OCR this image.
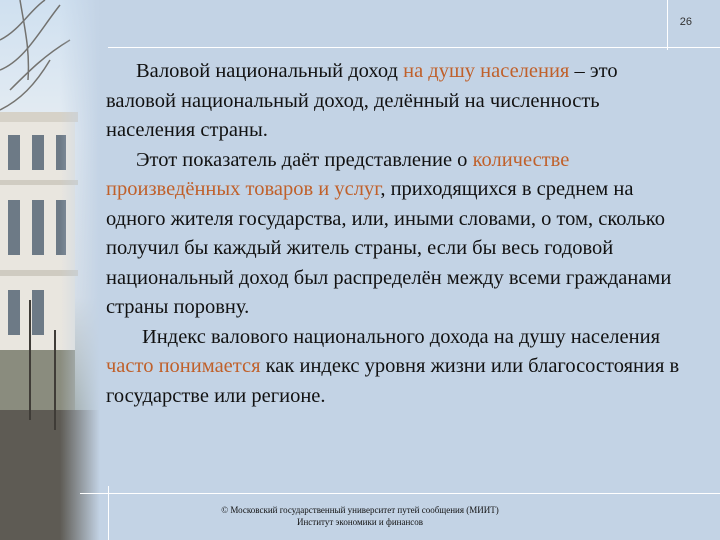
26

Валовой национальный доход на душу населения – это валовой национальный доход, делённый на численность населения страны.

Этот показатель даёт представление о количестве произведённых товаров и услуг, приходящихся в среднем на одного жителя государства, или, иными словами, о том, сколько получил бы каждый житель страны, если бы весь годовой национальный доход был распределён между всеми гражданами страны поровну.

Индекс валового национального дохода на душу населения часто понимается как индекс уровня жизни или благосостояния в государстве или регионе.

© Московский государственный университет путей сообщения (МИИТ)
Институт экономики и финансов
